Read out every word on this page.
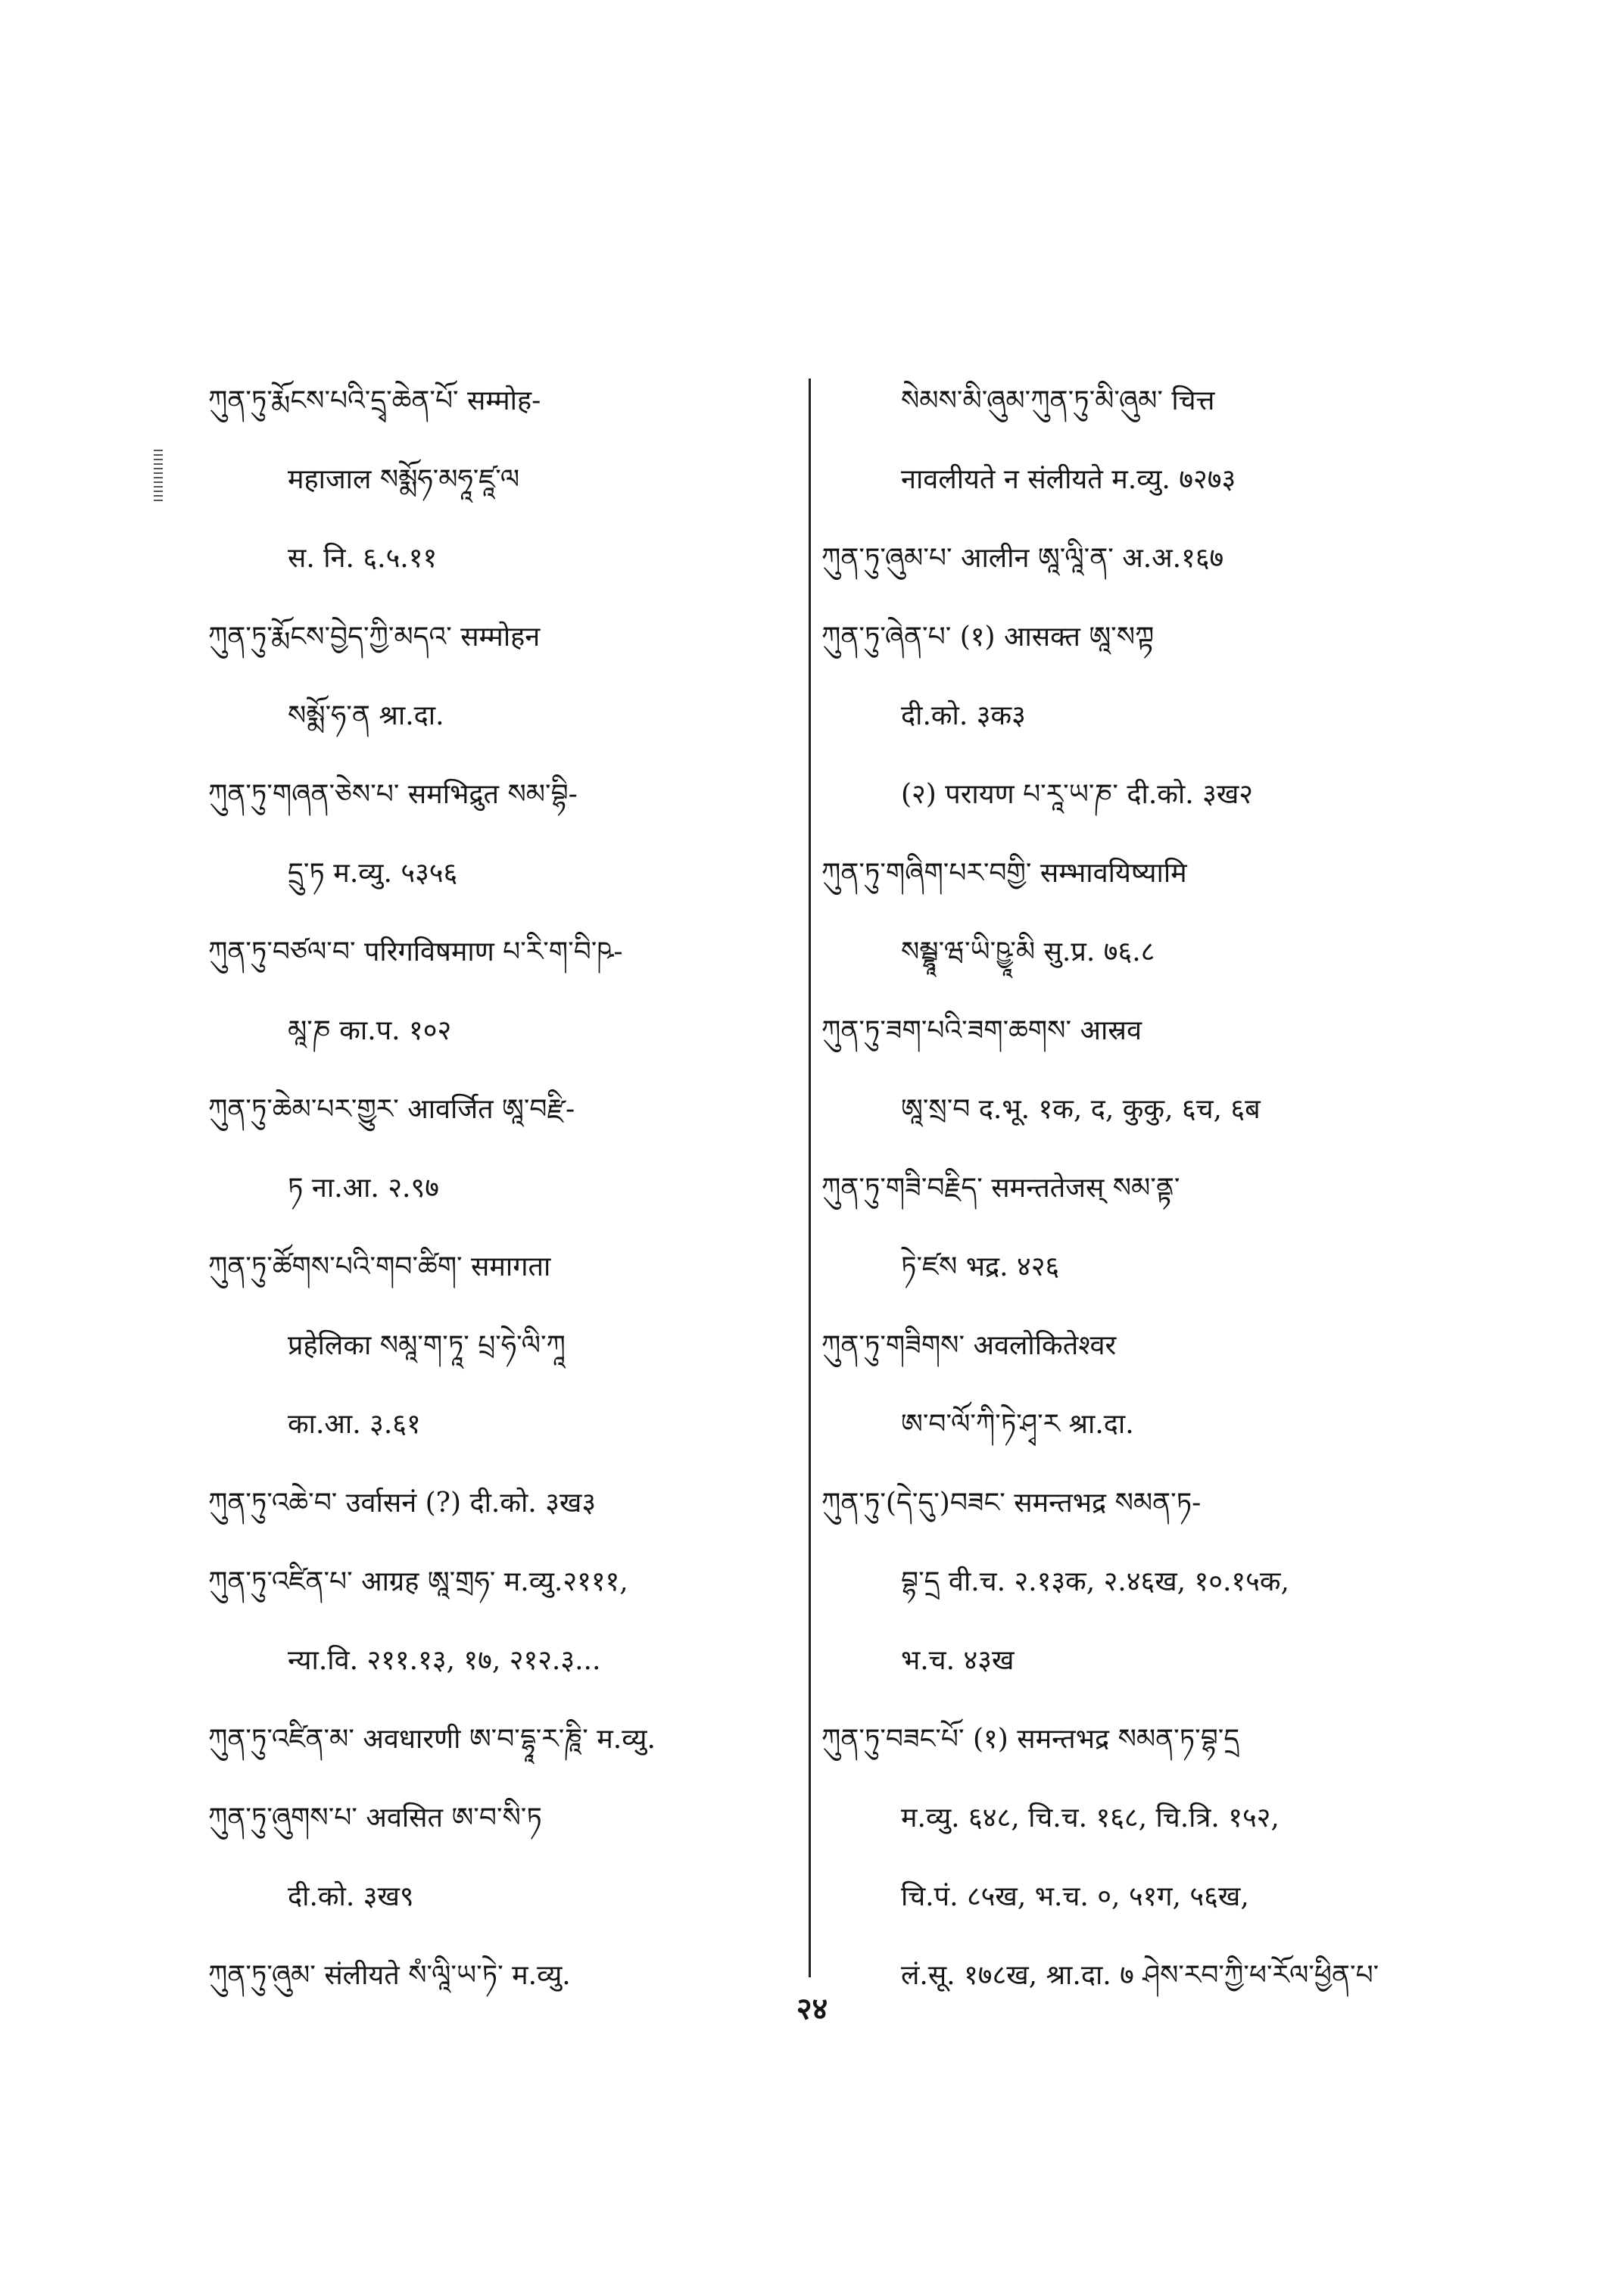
ཀུན་ཏུ་རྨོངས་པའི་དྲྭ་ཆེན་པོ་ सम्मोह-
महाजाल སམྨོཧ་མཧཱ་ཛཱ་ལ
स. नि. ६.५.११
ཀུན་ཏུ་རྨོངས་བྱེད་ཀྱི་མདའ་ सम्मोहन
སམྨོ་ཧ་ན श्रा.दा.
ཀུན་ཏུ་གཞན་ཅེས་པ་ समभिद्रुत སམ་བྷི-
དྲུ་ཏ म.व्यु. ५३५६
ཀུན་ཏུ་བཙལ་བ་ परिगविषमाण པ་རི་ག་བི་ཥ-
མཱ་ཎ का.प. १०२
ཀུན་ཏུ་ཆེམ་པར་གྱུར་ आवर्जित ཨཱ་བརྫི-
ཏ ना.आ. २.९७
ཀུན་ཏུ་ཚོགས་པའི་གབ་ཚིག་ समागता
प्रहेलिका སམཱ་ག་ཏཱ་ པྲ་ཧེ་ལི་ཀཱ
का.आ. ३.६१
ཀུན་ཏུ་འཆེ་བ་ उर्वासनं (?) दी.को. ३ख३
ཀུན་ཏུ་འཛིན་པ་ आग्रह ཨཱ་གྲཧ་ म.व्यु.२१११,
न्या.वि. २११.१३, १७, २१२.३...
ཀུན་ཏུ་འཛིན་མ་ अवधारणी ཨ་བ་དྷཱ་ར་ཎཱི་ म.व्यु.
ཀུན་ཏུ་ཞུགས་པ་ अवसित ཨ་བ་སི་ཏ
दी.को. ३ख९
ཀུན་ཏུ་ཞུམ་ संलीयते སཾ་ལཱི་ཡ་ཏེ་ म.व्यु.
སེམས་མི་ཞུམ་ཀུན་ཏུ་མི་ཞུམ་ चित्त
नावलीयते न संलीयते म.व्यु. ७२७३
ཀུན་ཏུ་ཞུམ་པ་ आलीन ཨཱ་ལཱི་ན་ अ.अ.१६७
ཀུན་ཏུ་ཞེན་པ་ (१) आसक्त ཨཱ་སཀྟ
दी.को. ३क३
(२) परायण པ་རཱ་ཡ་ཎ་ दी.को. ३ख२
ཀུན་ཏུ་གཞིག་པར་བགྱི་ सम्भावयिष्यामि
སམྦྷཱ་ཝ་ཡི་ཥྱཱ་མི सु.प्र. ७६.८
ཀུན་ཏུ་ཟག་པའི་ཟག་ཆགས་ आस्रव
ཨཱ་སྲ་བ द.भू. १क, द, कुकु, ६च, ६ब
ཀུན་ཏུ་གཟི་བརྗིད་ समन्ततेजस् སམ་ནྟ་
ཏེ་ཛས भद्र. ४२६
ཀུན་ཏུ་གཟིགས་ अवलोकितेश्वर
ཨ་བ་ལོ་ཀི་ཏེ་ཤྭ་ར श्रा.दा.
ཀུན་ཏུ་(དེ་དུ་)བཟང་ समन्तभद्र སམན་ཏ-
བྷ་དྲ वी.च. २.१३क, २.४६ख, १०.१५क,
भ.च. ४३ख
ཀུན་ཏུ་བཟང་པོ་ (१) समन्तभद्र སམན་ཏ་བྷ་དྲ
म.व्यु. ६४८, चि.च. १६८, चि.त्रि. १५२,
चि.पं. ८५ख, भ.च. ०, ५१ग, ५६ख,
लं.सू. १७८ख, श्रा.दा. ७ ཤེས་རབ་ཀྱི་ཕ་རོལ་ཕྱིན་པ་
२४
